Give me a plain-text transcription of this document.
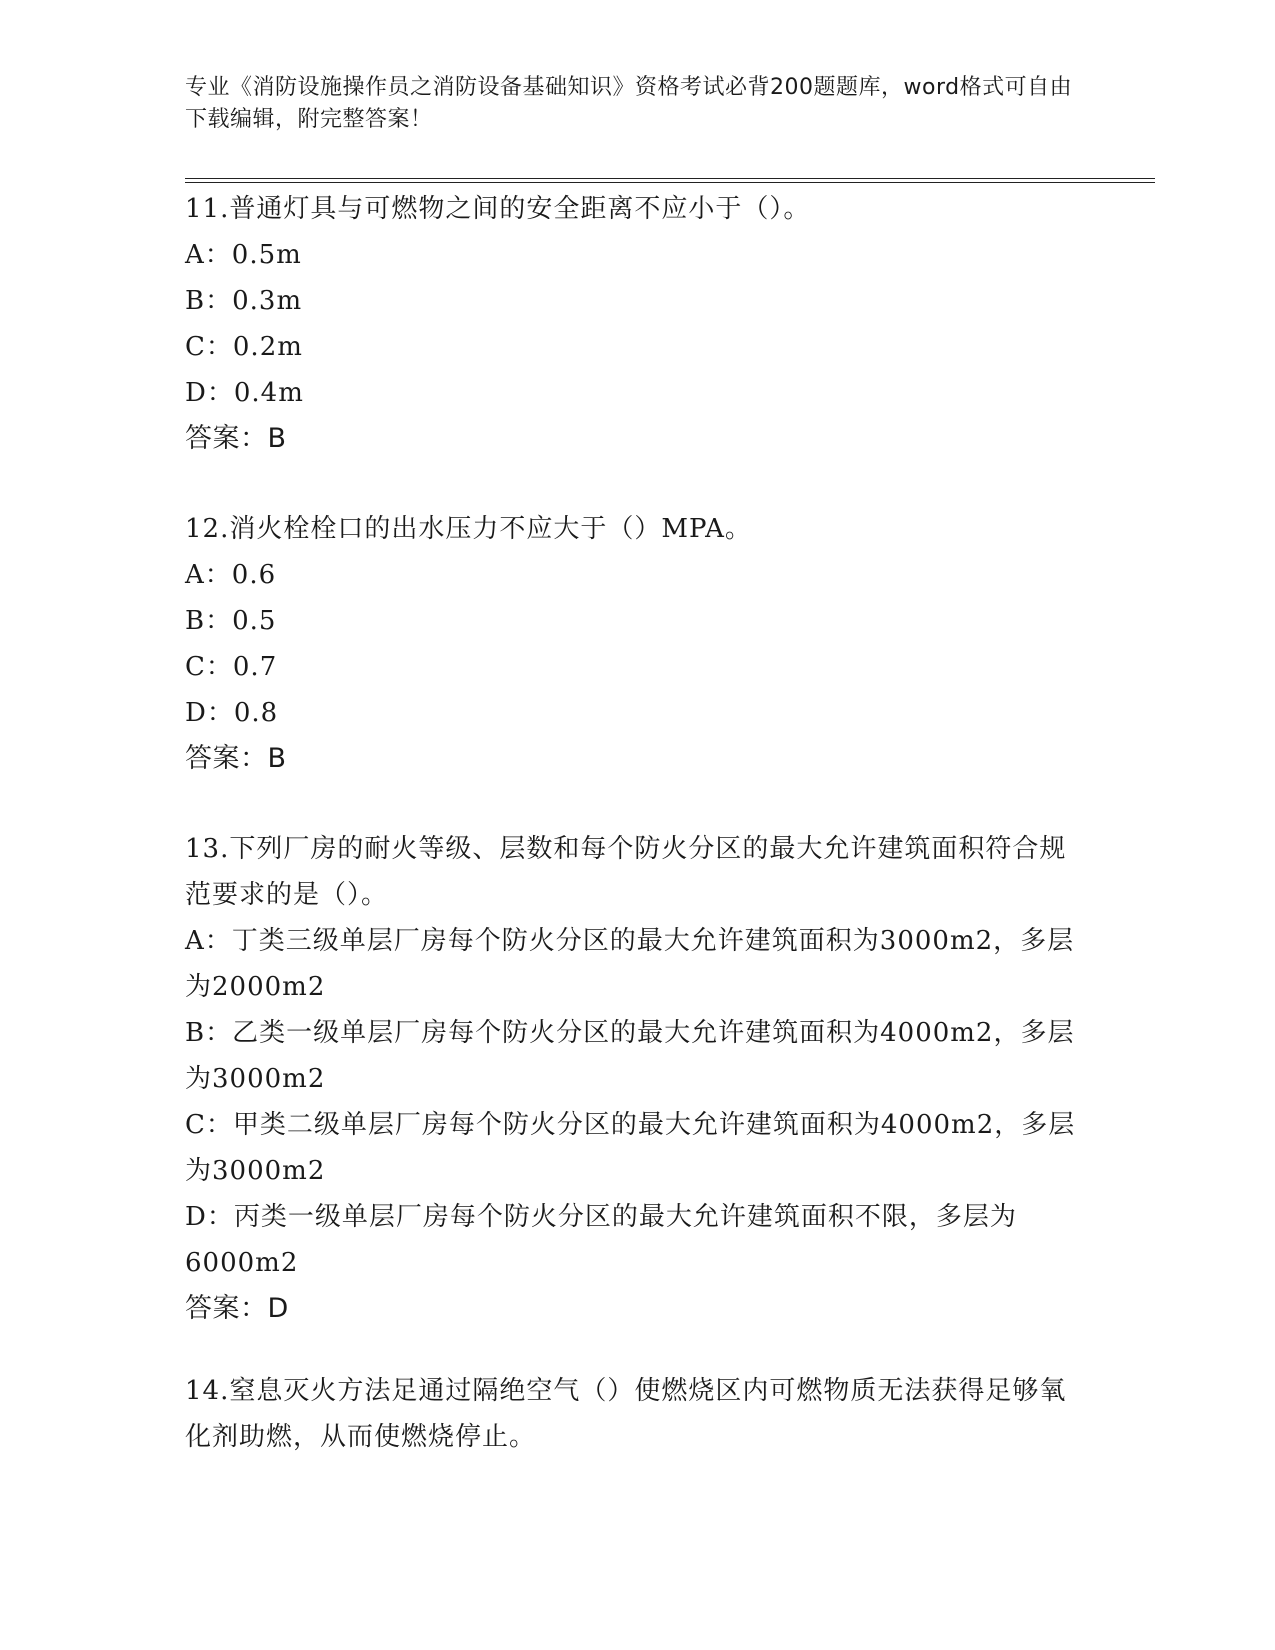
专业《消防设施操作员之消防设备基础知识》资格考试必背200题题库，word格式可自由下载编辑，附完整答案！

11.普通灯具与可燃物之间的安全距离不应小于（）。

A：0.5m

B：0.3m

C：0.2m

D：0.4m

答案：B

12.消火栓栓口的出水压力不应大于（）MPA。

A：0.6

B：0.5

C：0.7

D：0.8

答案：B

13.下列厂房的耐火等级、层数和每个防火分区的最大允许建筑面积符合规范要求的是（）。

A：丁类三级单层厂房每个防火分区的最大允许建筑面积为3000m2，多层为2000m2

B：乙类一级单层厂房每个防火分区的最大允许建筑面积为4000m2，多层为3000m2

C：甲类二级单层厂房每个防火分区的最大允许建筑面积为4000m2，多层为3000m2

D：丙类一级单层厂房每个防火分区的最大允许建筑面积不限，多层为6000m2

答案：D

14.窒息灭火方法足通过隔绝空气（）使燃烧区内可燃物质无法获得足够氧化剂助燃，从而使燃烧停止。
